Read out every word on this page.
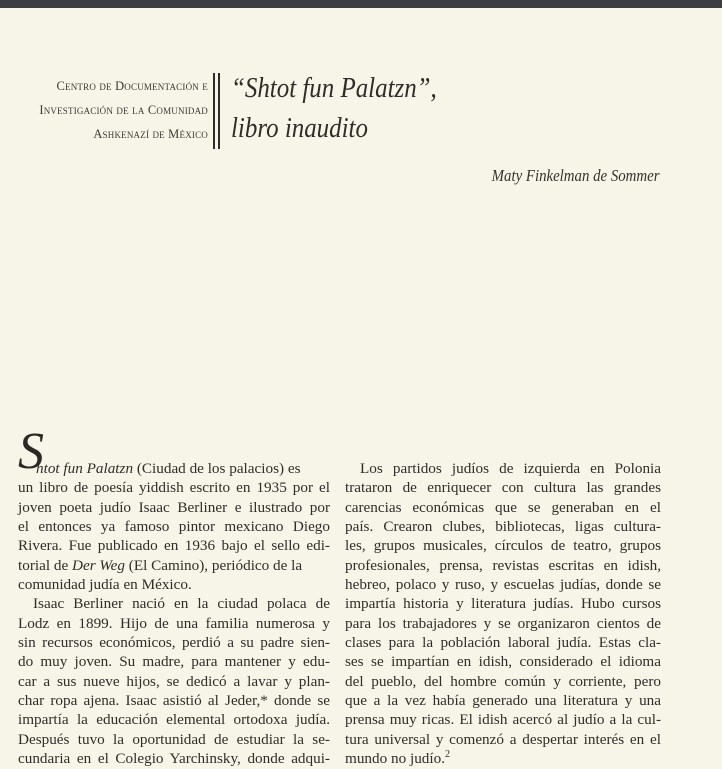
Centro de Documentación e
Investigación de la Comunidad
Ashkenazí de México
“Shtot fun Palatzn”,
libro inaudito
Maty Finkelman de Sommer
S
htot fun Palatzn (Ciudad de los palacios) es
un libro de poesía yiddish escrito en 1935 por el
joven poeta judío Isaac Berliner e ilustrado por
el entonces ya famoso pintor mexicano Diego
Rivera. Fue publicado en 1936 bajo el sello edi-
torial de Der Weg (El Camino), periódico de la
comunidad judía en México.
Isaac Berliner nació en la ciudad polaca de
Lodz en 1899. Hijo de una familia numerosa y
sin recursos económicos, perdió a su padre sien-
do muy joven. Su madre, para mantener y edu-
car a sus nueve hijos, se dedicó a lavar y plan-
char ropa ajena. Isaac asistió al Jeder,* donde se
impartía la educación elemental ortodoxa judía.
Después tuvo la oportunidad de estudiar la se-
cundaria en el Colegio Yarchinsky, donde adqui-
Los partidos judíos de izquierda en Polonia
trataron de enriquecer con cultura las grandes
carencias económicas que se generaban en el
país. Crearon clubes, bibliotecas, ligas cultura-
les, grupos musicales, círculos de teatro, grupos
profesionales, prensa, revistas escritas en idish,
hebreo, polaco y ruso, y escuelas judías, donde se
impartía historia y literatura judías. Hubo cursos
para los trabajadores y se organizaron cientos de
clases para la población laboral judía. Estas cla-
ses se impartían en idish, considerado el idioma
del pueblo, del hombre común y corriente, pero
que a la vez había generado una literatura y una
prensa muy ricas. El idish acercó al judío a la cul-
tura universal y comenzó a despertar interés en el
mundo no judío.$^2$
